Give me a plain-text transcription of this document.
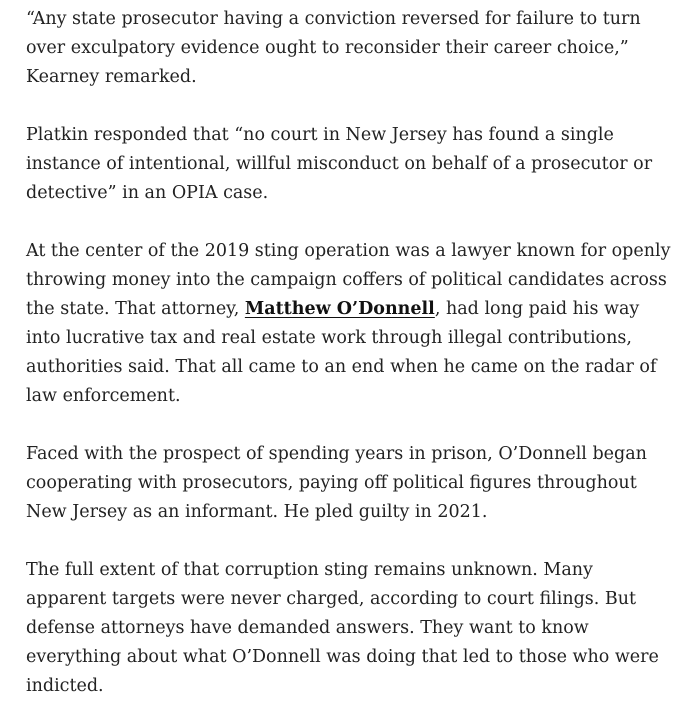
“Any state prosecutor having a conviction reversed for failure to turn
over exculpatory evidence ought to reconsider their career choice,”
Kearney remarked.

Platkin responded that “no court in New Jersey has found a single
instance of intentional, willful misconduct on behalf of a prosecutor or
detective” in an OPIA case.

At the center of the 2019 sting operation was a lawyer known for openly
throwing money into the campaign coffers of political candidates across
the state. That attorney, Matthew O’Donnell, had long paid his way
into lucrative tax and real estate work through illegal contributions,
authorities said. That all came to an end when he came on the radar of
law enforcement.

Faced with the prospect of spending years in prison, O’Donnell began
cooperating with prosecutors, paying off political figures throughout
New Jersey as an informant. He pled guilty in 2021.

The full extent of that corruption sting remains unknown. Many
apparent targets were never charged, according to court filings. But
defense attorneys have demanded answers. They want to know
everything about what O’Donnell was doing that led to those who were
indicted.
